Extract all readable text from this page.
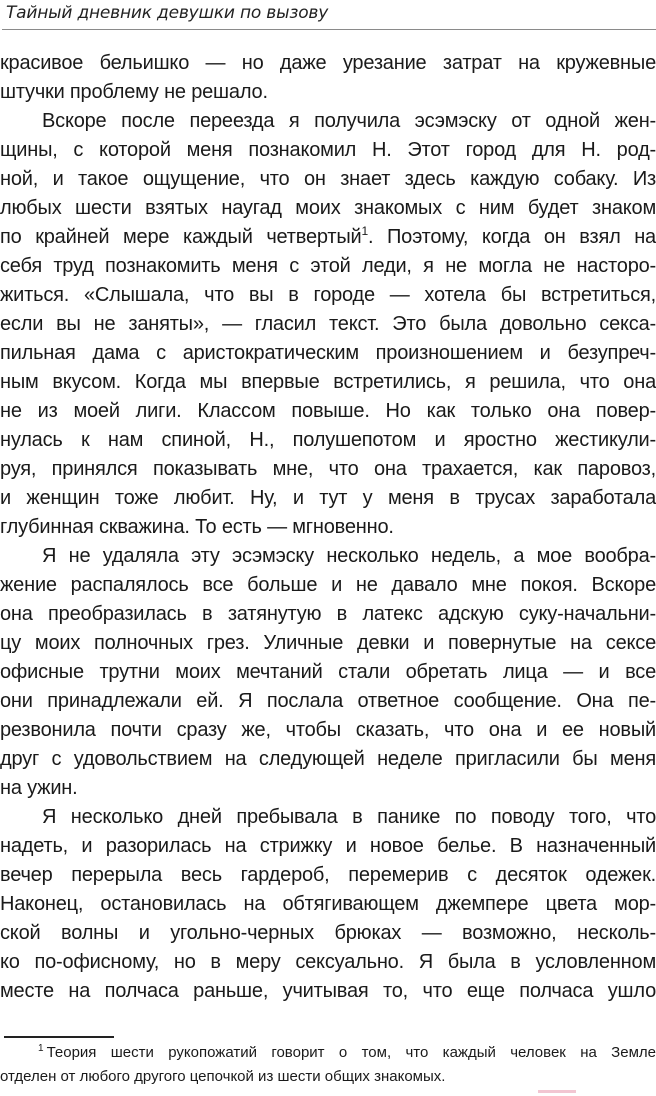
Тайный дневник девушки по вызову
красивое бельишко — но даже урезание затрат на кружевные
штучки проблему не решало.
Вскоре после переезда я получила эсэмэску от одной жен-
щины, с которой меня познакомил Н. Этот город для Н. род-
ной, и такое ощущение, что он знает здесь каждую собаку. Из
любых шести взятых наугад моих знакомых с ним будет знаком
по крайней мере каждый четвертый$^1$. Поэтому, когда он взял на
себя труд познакомить меня с этой леди, я не могла не насторо-
житься. «Слышала, что вы в городе — хотела бы встретиться,
если вы не заняты», — гласил текст. Это была довольно секса-
пильная дама с аристократическим произношением и безупреч-
ным вкусом. Когда мы впервые встретились, я решила, что она
не из моей лиги. Классом повыше. Но как только она повер-
нулась к нам спиной, Н., полушепотом и яростно жестикули-
руя, принялся показывать мне, что она трахается, как паровоз,
и женщин тоже любит. Ну, и тут у меня в трусах заработала
глубинная скважина. То есть — мгновенно.
Я не удаляла эту эсэмэску несколько недель, а мое вообра-
жение распалялось все больше и не давало мне покоя. Вскоре
она преобразилась в затянутую в латекс адскую суку-начальни-
цу моих полночных грез. Уличные девки и повернутые на сексе
офисные трутни моих мечтаний стали обретать лица — и все
они принадлежали ей. Я послала ответное сообщение. Она пе-
резвонила почти сразу же, чтобы сказать, что она и ее новый
друг с удовольствием на следующей неделе пригласили бы меня
на ужин.
Я несколько дней пребывала в панике по поводу того, что
надеть, и разорилась на стрижку и новое белье. В назначенный
вечер перерыла весь гардероб, перемерив с десяток одежек.
Наконец, остановилась на обтягивающем джемпере цвета мор-
ской волны и угольно-черных брюках — возможно, несколь-
ко по-офисному, но в меру сексуально. Я была в условленном
месте на полчаса раньше, учитывая то, что еще полчаса ушло
$^1$ Теория шести рукопожатий говорит о том, что каждый человек на Земле
отделен от любого другого цепочкой из шести общих знакомых.
